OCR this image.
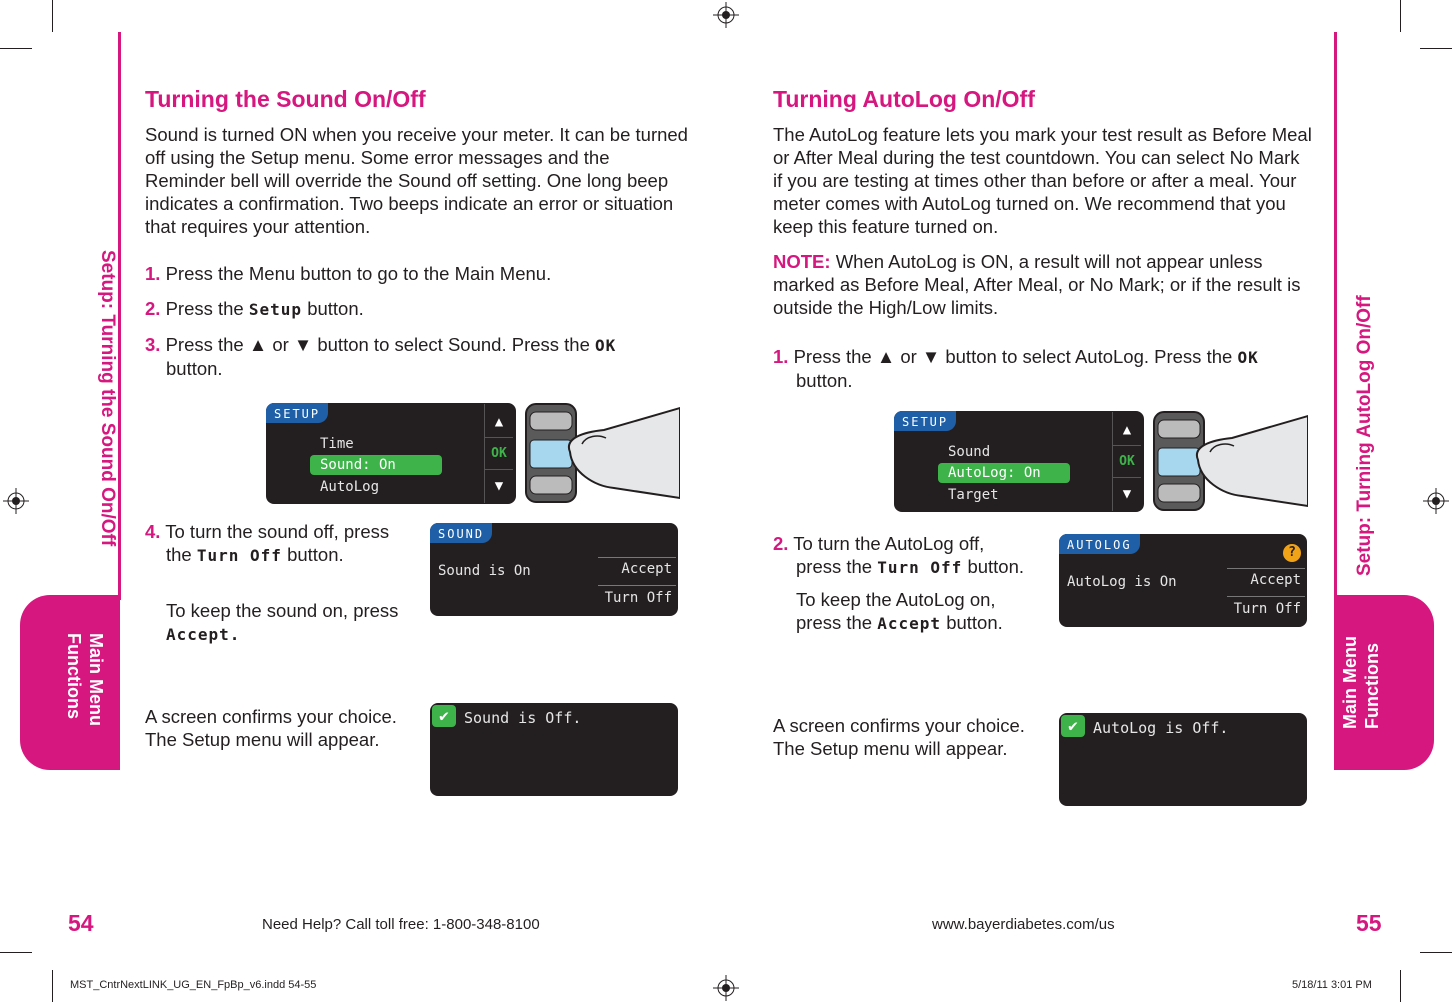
Setup: Turning the Sound On/Off
Main Menu
Functions
Setup: Turning AutoLog On/Off
Main Menu Functions
Turning the Sound On/Off
Sound is turned ON when you receive your meter. It can be turned off using the Setup menu. Some error messages and the Reminder bell will override the Sound off setting. One long beep indicates a confirmation. Two beeps indicate an error or situation that requires your attention.
1. Press the Menu button to go to the Main Menu.
2. Press the Setup button.
3. Press the ▲ or ▼ button to select Sound. Press the OK button.
SETUP
Time
Sound: On
AutoLog
▲
OK
▼
4. To turn the sound off, press
the Turn Off button.
To keep the sound on, press
Accept.
SOUND
Sound is On	Accept
Turn Off
A screen confirms your choice.
The Setup menu will appear.
✔	Sound is Off.
Turning AutoLog On/Off
The AutoLog feature lets you mark your test result as Before Meal or After Meal during the test countdown. You can select No Mark if you are testing at times other than before or after a meal. Your meter comes with AutoLog turned on. We recommend that you keep this feature turned on.
NOTE: When AutoLog is ON, a result will not appear unless marked as Before Meal, After Meal, or No Mark; or if the result is outside the High/Low limits.
1. Press the ▲ or ▼ button to select AutoLog. Press the OK button.
SETUP
Sound
AutoLog: On
Target
▲
OK
▼
2. To turn the AutoLog off,
press the Turn Off button.
To keep the AutoLog on,
press the Accept button.
AUTOLOG	?
AutoLog is On	Accept
Turn Off
A screen confirms your choice.
The Setup menu will appear.
✔	AutoLog is Off.
54	Need Help? Call toll free: 1-800-348-8100	www.bayerdiabetes.com/us	55
MST_CntrNextLINK_UG_EN_FpBp_v6.indd 54-55	5/18/11 3:01 PM
